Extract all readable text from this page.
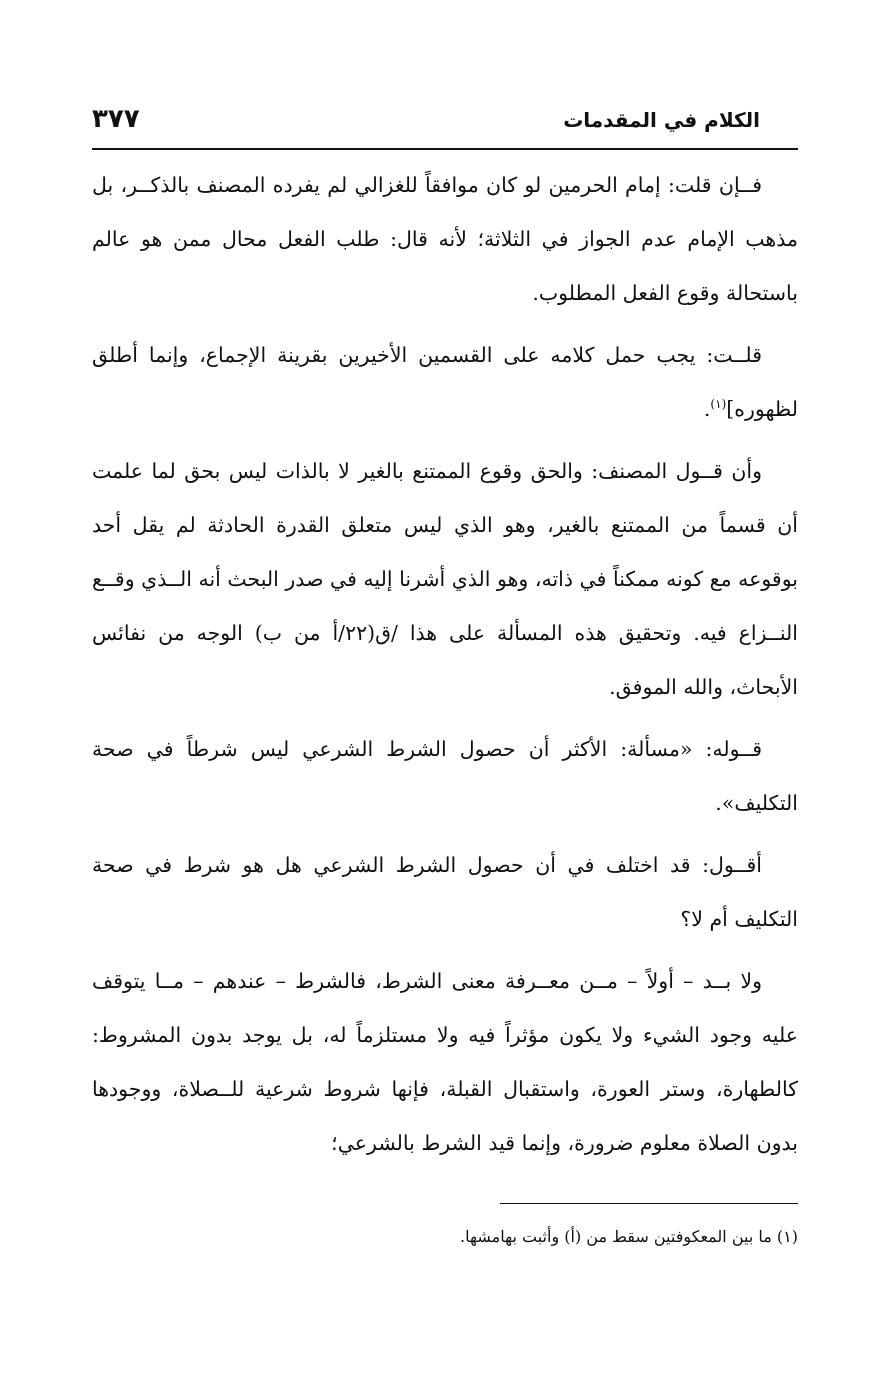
الكلام في المقدمات
٣٧٧

فــإن قلت: إمام الحرمين لو كان موافقاً للغزالي لم يفرده المصنف بالذكــر، بل مذهب الإمام عدم الجواز في الثلاثة؛ لأنه قال: طلب الفعل محال ممن هو عالم باستحالة وقوع الفعل المطلوب.

قلــت: يجب حمل كلامه على القسمين الأخيرين بقرينة الإجماع، وإنما أطلق لظهوره]$^{(١)}$.

وأن قــول المصنف: والحق وقوع الممتنع بالغير لا بالذات ليس بحق لما علمت أن قسماً من الممتنع بالغير، وهو الذي ليس متعلق القدرة الحادثة لم يقل أحد بوقوعه مع كونه ممكناً في ذاته، وهو الذي أشرنا إليه في صدر البحث أنه الــذي وقــع النــزاع فيه. وتحقيق هذه المسألة على هذا /ق(٢٢/أ من ب) الوجه من نفائس الأبحاث، والله الموفق.

قــوله: «مسألة: الأكثر أن حصول الشرط الشرعي ليس شرطاً في صحة التكليف».

أقــول: قد اختلف في أن حصول الشرط الشرعي هل هو شرط في صحة التكليف أم لا؟

ولا بــد – أولاً – مــن معــرفة معنى الشرط، فالشرط – عندهم – مــا يتوقف عليه وجود الشيء ولا يكون مؤثراً فيه ولا مستلزماً له، بل يوجد بدون المشروط: كالطهارة، وستر العورة، واستقبال القبلة، فإنها شروط شرعية للــصلاة، ووجودها بدون الصلاة معلوم ضرورة، وإنما قيد الشرط بالشرعي؛

(١) ما بين المعكوفتين سقط من (أ) وأثبت بهامشها.
